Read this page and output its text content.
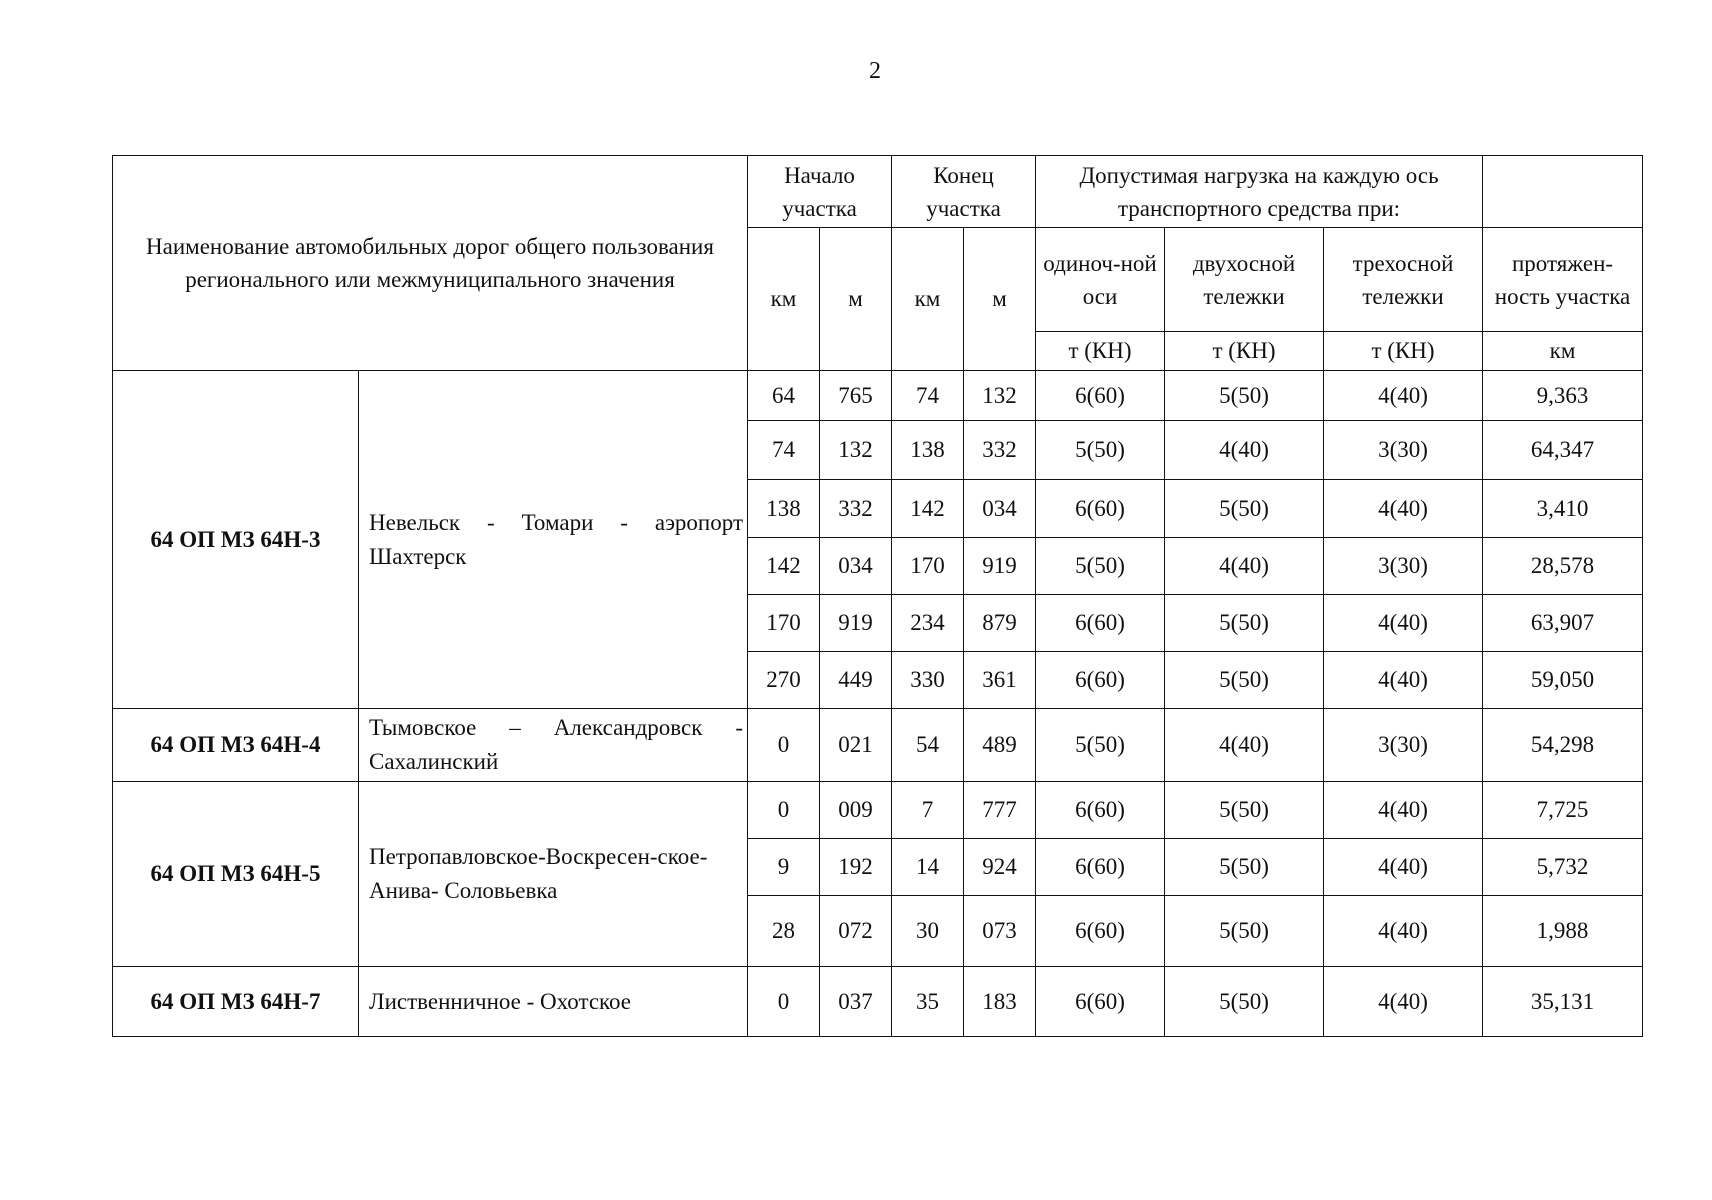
2
Наименование автомобильных дорог общего пользования регионального или межмуниципального значения		Начало участка		Конец участка		Допустимая нагрузка на каждую ось транспортного средства при:			
		км	м	км	м	одиноч-ной оси	двухосной тележки	трехосной тележки	протяжен-ность участка
						т (КН)	т (КН)	т (КН)	км
64 ОП МЗ 64Н-3	Невельск - Томари - аэропорт Шахтерск	64	765	74	132	6(60)	5(50)	4(40)	9,363
		74	132	138	332	5(50)	4(40)	3(30)	64,347
		138	332	142	034	6(60)	5(50)	4(40)	3,410
		142	034	170	919	5(50)	4(40)	3(30)	28,578
		170	919	234	879	6(60)	5(50)	4(40)	63,907
		270	449	330	361	6(60)	5(50)	4(40)	59,050
64 ОП МЗ 64Н-4	Тымовское – Александровск - Сахалинский	0	021	54	489	5(50)	4(40)	3(30)	54,298
64 ОП МЗ 64Н-5	Петропавловское-Воскресен-ское-Анива- Соловьевка	0	009	7	777	6(60)	5(50)	4(40)	7,725
		9	192	14	924	6(60)	5(50)	4(40)	5,732
		28	072	30	073	6(60)	5(50)	4(40)	1,988
64 ОП МЗ 64Н-7	Лиственничное - Охотское	0	037	35	183	6(60)	5(50)	4(40)	35,131
